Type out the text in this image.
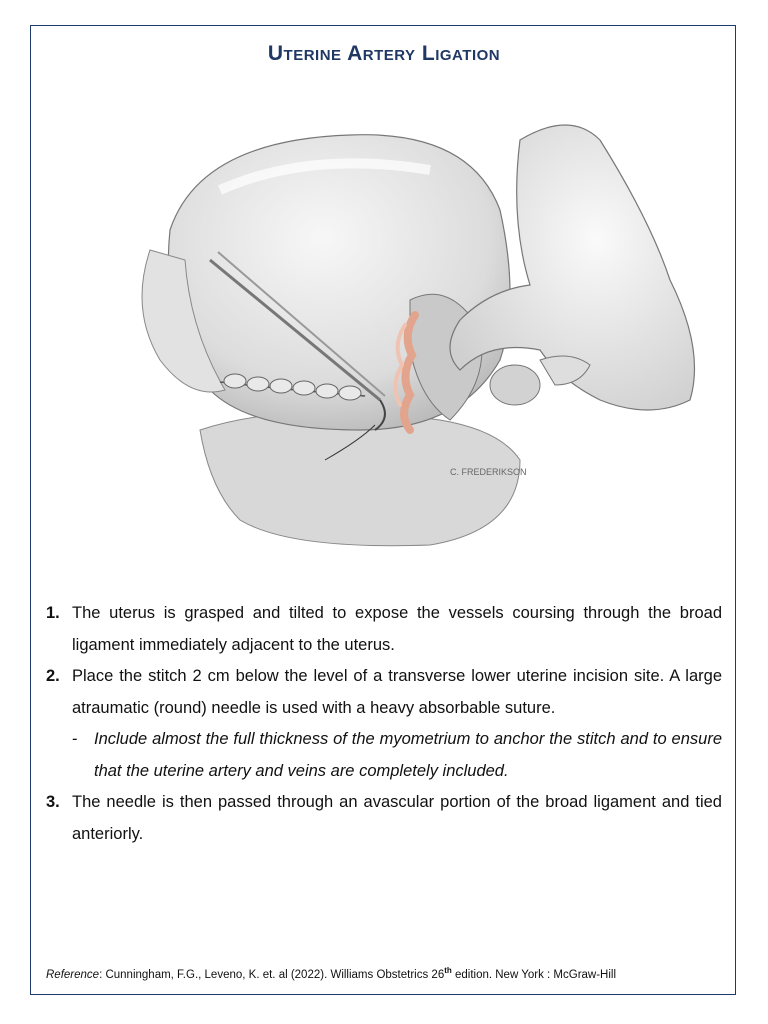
Uterine Artery Ligation
C. FREDERIKSON
1. The uterus is grasped and tilted to expose the vessels coursing through the broad ligament immediately adjacent to the uterus.
2. Place the stitch 2 cm below the level of a transverse lower uterine incision site. A large atraumatic (round) needle is used with a heavy absorbable suture.
-	Include almost the full thickness of the myometrium to anchor the stitch and to ensure that the uterine artery and veins are completely included.
3. The needle is then passed through an avascular portion of the broad ligament and tied anteriorly.
Reference: Cunningham, F.G., Leveno, K. et. al (2022). Williams Obstetrics 26th edition. New York : McGraw-Hill
